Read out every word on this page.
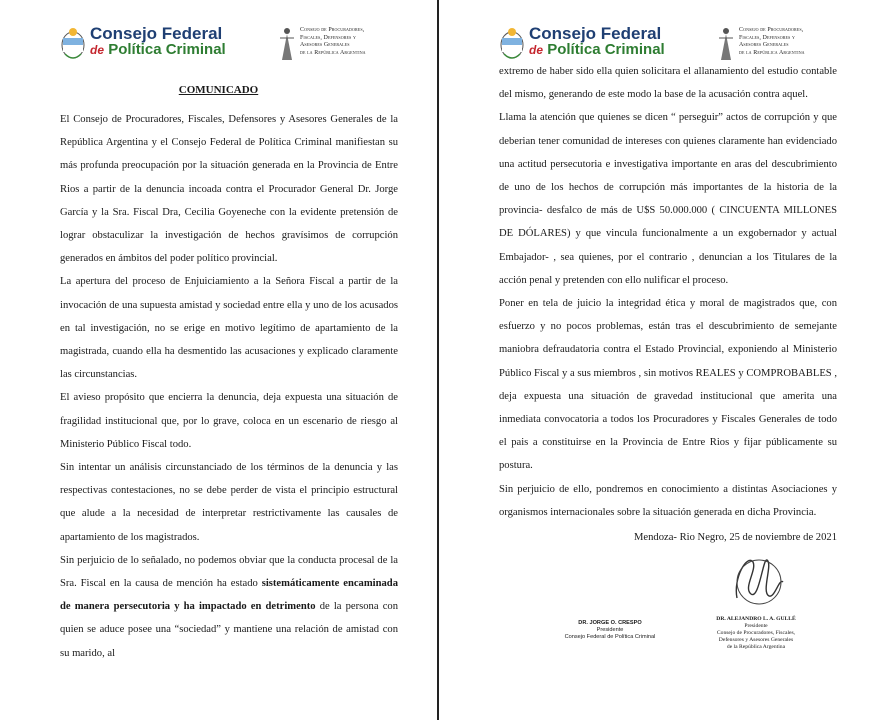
Consejo Federal
de Política Criminal
Consejo de Procuradores,
Fiscales, Defensores y
Asesores Generales
de la República Argentina
COMUNICADO

El Consejo de Procuradores, Fiscales, Defensores y Asesores Generales de la República Argentina y el Consejo Federal de Política Criminal manifiestan su más profunda preocupación por la situación generada en la Provincia de Entre Rios a partir de la denuncia incoada contra el Procurador General Dr. Jorge García y la Sra. Fiscal Dra, Cecilia Goyeneche con la evidente pretensión de lograr obstaculizar la investigación de hechos gravísimos de corrupción generados en ámbitos del poder político provincial.

La apertura del proceso de Enjuiciamiento a la Señora Fiscal a partir de la invocación de una supuesta amistad y sociedad entre ella y uno de los acusados en tal investigación, no se erige en motivo legítimo de apartamiento de la magistrada, cuando ella ha desmentido las acusaciones y explicado claramente las circunstancias.

El avieso propósito que encierra la denuncia, deja expuesta una situación de fragilidad institucional que, por lo grave, coloca en un escenario de riesgo al Ministerio Público Fiscal todo.

Sin intentar un análisis circunstanciado de los términos de la denuncia y las respectivas contestaciones, no se debe perder de vista el principio estructural que alude a la necesidad de interpretar restrictivamente las causales de apartamiento de los magistrados.

Sin perjuicio de lo señalado, no podemos obviar que la conducta procesal de la Sra. Fiscal en la causa de mención ha estado sistemáticamente encaminada de manera persecutoria y ha impactado en detrimento de la persona con quien se aduce posee una “sociedad” y mantiene una relación de amistad con su marido, al

Consejo Federal
de Política Criminal
Consejo de Procuradores,
Fiscales, Defensores y
Asesores Generales
de la República Argentina

extremo de haber sido ella quien solicitara el allanamiento del estudio contable del mismo, generando de este modo la base de la acusación contra aquel.

Llama la atención que quienes se dicen “ perseguir” actos de corrupción y que deberian tener comunidad de intereses con quienes claramente han evidenciado una actitud persecutoria e investigativa importante en aras del descubrimiento de uno de los hechos de corrupción más importantes de la historia de la provincia- desfalco de más de U$S 50.000.000 ( CINCUENTA MILLONES DE DÓLARES) y que vincula funcionalmente a un exgobernador y actual Embajador- , sea quienes, por el contrario , denuncian a los Titulares de la acción penal y pretenden con ello nulificar el proceso.

Poner en tela de juicio la integridad ética y moral de magistrados que, con esfuerzo y no pocos problemas, están tras el descubrimiento de semejante maniobra defraudatoria contra el Estado Provincial, exponiendo al Ministerio Público Fiscal y a sus miembros , sin motivos REALES y COMPROBABLES , deja expuesta una situación de gravedad institucional que amerita una inmediata convocatoria a todos los Procuradores y Fiscales Generales de todo el pais a constituirse en la Provincia de Entre Rios y fijar públicamente su postura.

Sin perjuicio de ello, pondremos en conocimiento a distintas Asociaciones y organismos internacionales sobre la situación generada en dicha Provincia.

Mendoza- Rio Negro, 25 de noviembre de 2021

DR. JORGE O. CRESPO
Presidente
Consejo Federal de Política Criminal
DR. ALEJANDRO L. A. GULLÉ
Presidente
Consejo de Procuradores, Fiscales,
Defensores y Asesores Generales
de la República Argentina
